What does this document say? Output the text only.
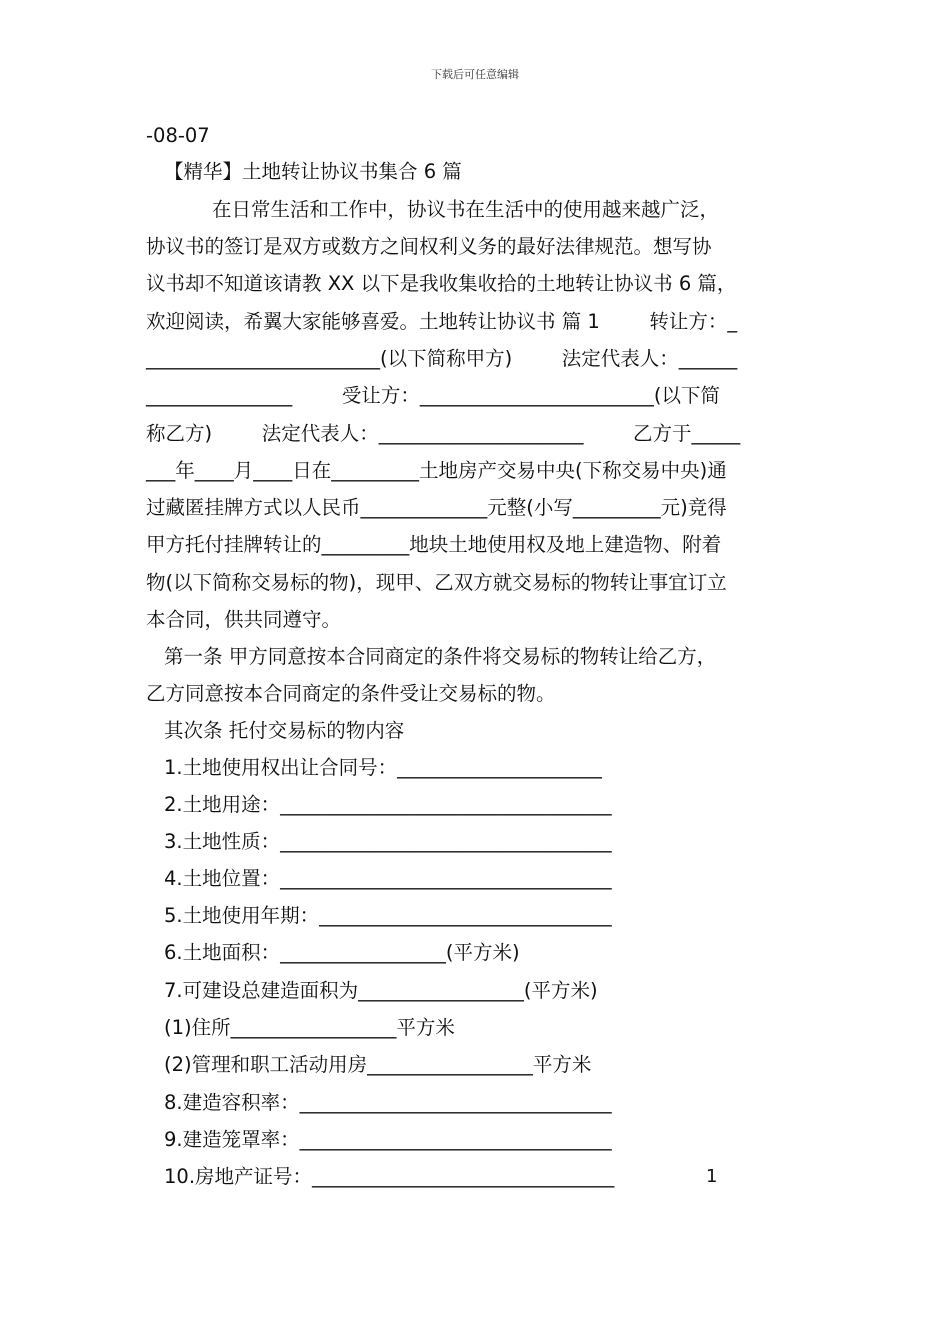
下载后可任意编辑
-08-07
【精华】土地转让协议书集合 6 篇
在日常生活和工作中，协议书在生活中的使用越来越广泛，
协议书的签订是双方或数方之间权利义务的最好法律规范。想写协
议书却不知道该请教 XX 以下是我收集收拾的土地转让协议书 6 篇，
欢迎阅读，希翼大家能够喜爱。土地转让协议书 篇 1        转让方：_
________________________(以下简称甲方)        法定代表人：______
_______________        受让方：________________________(以下简
称乙方)        法定代表人：_____________________        乙方于_____
___年____月____日在_________土地房产交易中央(下称交易中央)通
过藏匿挂牌方式以人民币_____________元整(小写_________元)竞得
甲方托付挂牌转让的_________地块土地使用权及地上建造物、附着
物(以下简称交易标的物)，现甲、乙双方就交易标的物转让事宜订立
本合同，供共同遵守。
第一条 甲方同意按本合同商定的条件将交易标的物转让给乙方，
乙方同意按本合同商定的条件受让交易标的物。
其次条 托付交易标的物内容
1.土地使用权出让合同号：_____________________
2.土地用途：__________________________________
3.土地性质：__________________________________
4.土地位置：__________________________________
5.土地使用年期：______________________________
6.土地面积：_________________(平方米)
7.可建设总建造面积为_________________(平方米)
(1)住所_________________平方米
(2)管理和职工活动用房_________________平方米
8.建造容积率：________________________________
9.建造笼罩率：________________________________
10.房地产证号：_______________________________	1
